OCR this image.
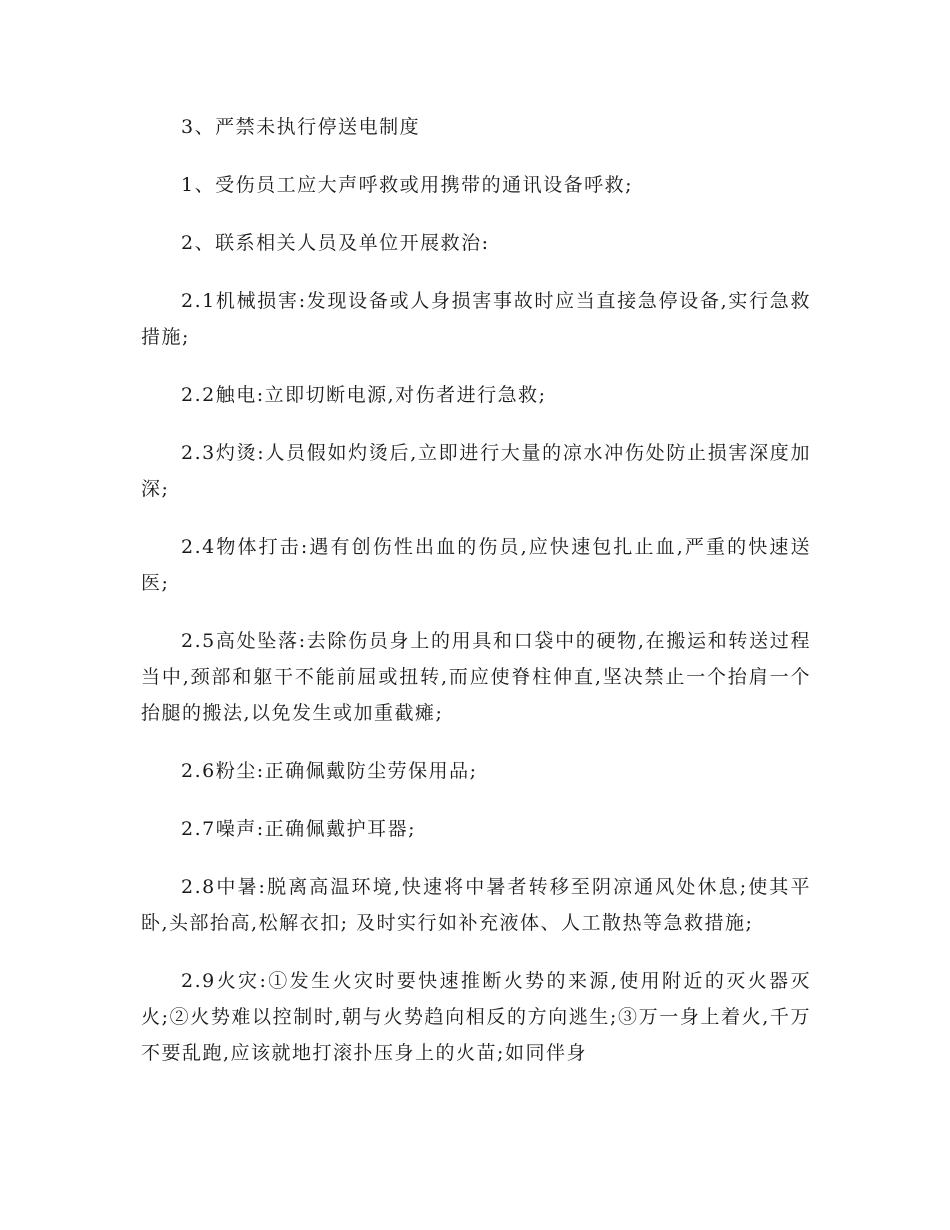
3、严禁未执行停送电制度

1、受伤员工应大声呼救或用携带的通讯设备呼救;

2、联系相关人员及单位开展救治:

2.1机械损害:发现设备或人身损害事故时应当直接急停设备,实行急救措施;

2.2触电:立即切断电源,对伤者进行急救;

2.3灼烫:人员假如灼烫后,立即进行大量的凉水冲伤处防止损害深度加深;

2.4物体打击:遇有创伤性出血的伤员,应快速包扎止血,严重的快速送医;

2.5高处坠落:去除伤员身上的用具和口袋中的硬物,在搬运和转送过程当中,颈部和躯干不能前屈或扭转,而应使脊柱伸直,坚决禁止一个抬肩一个抬腿的搬法,以免发生或加重截瘫;

2.6粉尘:正确佩戴防尘劳保用品;

2.7噪声:正确佩戴护耳器;

2.8中暑:脱离高温环境,快速将中暑者转移至阴凉通风处休息;使其平卧,头部抬高,松解衣扣; 及时实行如补充液体、人工散热等急救措施;

2.9火灾:①发生火灾时要快速推断火势的来源,使用附近的灭火器灭火;②火势难以控制时,朝与火势趋向相反的方向逃生;③万一身上着火,千万不要乱跑,应该就地打滚扑压身上的火苗;如同伴身
